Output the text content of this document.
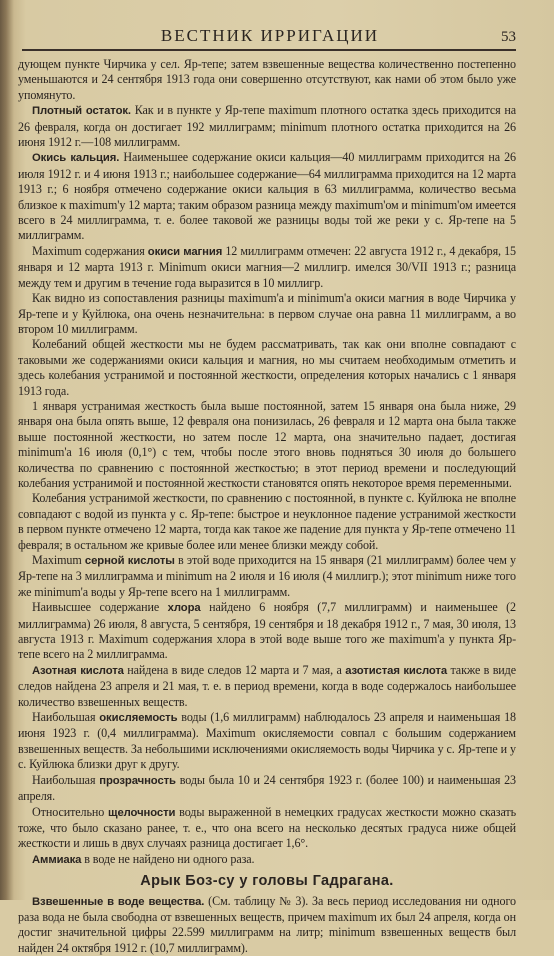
ВЕСТНИК ИРРИГАЦИИ	53

дующем пункте Чирчика у сел. Яр-тепе; затем взвешенные вещества количественно постепенно уменьшаются и 24 сентября 1913 года они совершенно отсутствуют, как нами об этом было уже упомянуто.

Плотный остаток. Как и в пункте у Яр-тепе maximum плотного остатка здесь приходится на 26 февраля, когда он достигает 192 миллиграмм; minimum плотного остатка приходится на 26 июня 1912 г.—108 миллиграмм.

Окись кальция. Наименьшее содержание окиси кальция—40 миллиграмм приходится на 26 июля 1912 г. и 4 июня 1913 г.; наибольшее содержание—64 миллиграмма приходится на 12 марта 1913 г.; 6 ноября отмечено содержание окиси кальция в 63 миллиграмма, количество весьма близкое к maximum'у 12 марта; таким образом разница между maximum'ом и minimum'ом имеется всего в 24 миллиграмма, т. е. более таковой же разницы воды той же реки у с. Яр-тепе на 5 миллиграмм.

Maximum содержания окиси магния 12 миллиграмм отмечен: 22 августа 1912 г., 4 декабря, 15 января и 12 марта 1913 г. Minimum окиси магния—2 миллигр. имелся 30/VII 1913 г.; разница между тем и другим в течение года выразится в 10 миллигр.

Как видно из сопоставления разницы maximum'а и minimum'а окиси магния в воде Чирчика у Яр-тепе и у Куйлюка, она очень незначительна: в первом случае она равна 11 миллиграмм, а во втором 10 миллиграмм.

Колебаний общей жесткости мы не будем рассматривать, так как они вполне совпадают с таковыми же содержаниями окиси кальция и магния, но мы считаем необходимым отметить и здесь колебания устранимой и постоянной жесткости, определения которых начались с 1 января 1913 года.

1 января устранимая жесткость была выше постоянной, затем 15 января она была ниже, 29 января она была опять выше, 12 февраля она понизилась, 26 февраля и 12 марта она была также выше постоянной жесткости, но затем после 12 марта, она значительно падает, достигая minimum'а 16 июля (0,1°) с тем, чтобы после этого вновь подняться 30 июля до большего количества по сравнению с постоянной жесткостью; в этот период времени и последующий колебания устранимой и постоянной жесткости становятся опять некоторое время переменными.

Колебания устранимой жесткости, по сравнению с постоянной, в пункте с. Куйлюка не вполне совпадают с водой из пункта у с. Яр-тепе: быстрое и неуклонное падение устранимой жесткости в первом пункте отмечено 12 марта, тогда как такое же падение для пункта у Яр-тепе отмечено 11 февраля; в остальном же кривые более или менее близки между собой.

Maximum серной кислоты в этой воде приходится на 15 января (21 миллиграмм) более чем у Яр-тепе на 3 миллиграмма и minimum на 2 июля и 16 июля (4 миллигр.); этот minimum ниже того же minimum'а воды у Яр-тепе всего на 1 миллиграмм.

Наивысшее содержание хлора найдено 6 ноября (7,7 миллиграмм) и наименьшее (2 миллиграмма) 26 июля, 8 августа, 5 сентября, 19 сентября и 18 декабря 1912 г., 7 мая, 30 июля, 13 августа 1913 г. Maximum содержания хлора в этой воде выше того же maximum'а у пункта Яр-тепе всего на 2 миллиграмма.

Азотная кислота найдена в виде следов 12 марта и 7 мая, а азотистая кислота также в виде следов найдена 23 апреля и 21 мая, т. е. в период времени, когда в воде содержалось наибольшее количество взвешенных веществ.

Наибольшая окисляемость воды (1,6 миллиграмм) наблюдалось 23 апреля и наименьшая 18 июня 1923 г. (0,4 миллиграмма). Maximum окисляемости совпал с большим содержанием взвешенных веществ. За небольшими исключениями окисляемость воды Чирчика у с. Яр-тепе и у с. Куйлюка близки друг к другу.

Наибольшая прозрачность воды была 10 и 24 сентября 1923 г. (более 100) и наименьшая 23 апреля.

Относительно щелочности воды выраженной в немецких градусах жесткости можно сказать тоже, что было сказано ранее, т. е., что она всего на несколько десятых градуса ниже общей жесткости и лишь в двух случаях разница достигает 1,6°.

Аммиака в воде не найдено ни одного раза.

Арык Боз-су у головы Гадрагана.

Взвешенные в воде вещества. (См. таблицу № 3). За весь период исследования ни одного раза вода не была свободна от взвешенных веществ, причем maximum их был 24 апреля, когда он достиг значительной цифры 22.599 миллиграмм на литр; minimum взвешенных веществ был найден 24 октября 1912 г. (10,7 миллиграмм).
